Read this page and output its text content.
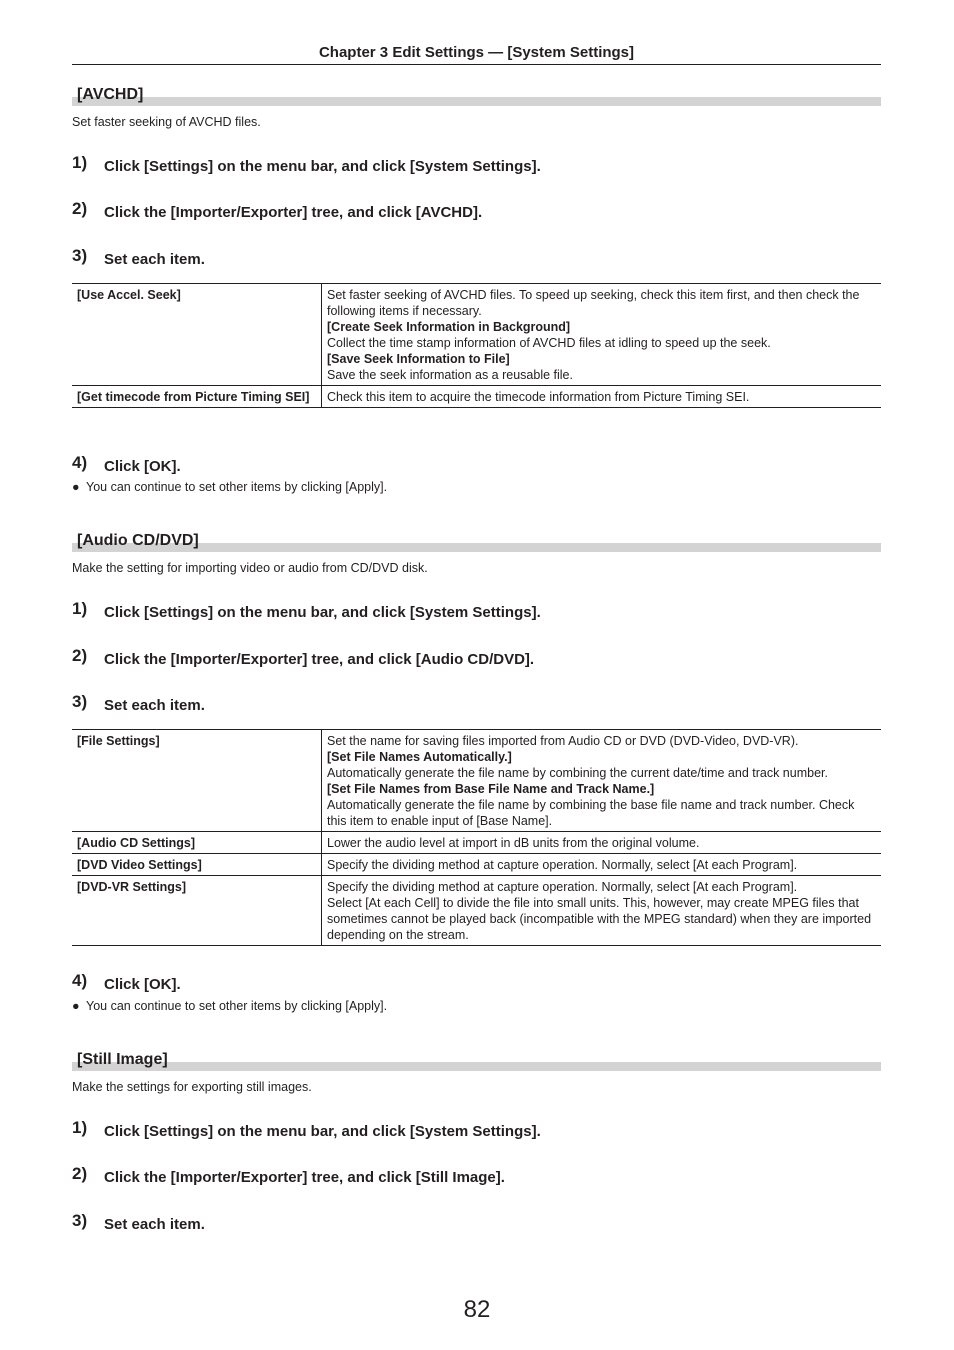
Chapter 3 Edit Settings — [System Settings]
[AVCHD]
Set faster seeking of AVCHD files.
1) Click [Settings] on the menu bar, and click [System Settings].
2) Click the [Importer/Exporter] tree, and click [AVCHD].
3) Set each item.
[Use Accel. Seek]	Set faster seeking of AVCHD files. To speed up seeking, check this item first, and then check the following items if necessary.
[Create Seek Information in Background]
Collect the time stamp information of AVCHD files at idling to speed up the seek.
[Save Seek Information to File]
Save the seek information as a reusable file.

[Get timecode from Picture Timing SEI]	Check this item to acquire the timecode information from Picture Timing SEI.
4) Click [OK].
● You can continue to set other items by clicking [Apply].
[Audio CD/DVD]
Make the setting for importing video or audio from CD/DVD disk.
1) Click [Settings] on the menu bar, and click [System Settings].
2) Click the [Importer/Exporter] tree, and click [Audio CD/DVD].
3) Set each item.
[File Settings]	Set the name for saving files imported from Audio CD or DVD (DVD-Video, DVD-VR).
[Set File Names Automatically.]
Automatically generate the file name by combining the current date/time and track number.
[Set File Names from Base File Name and Track Name.]
Automatically generate the file name by combining the base file name and track number. Check this item to enable input of [Base Name].

[Audio CD Settings]	Lower the audio level at import in dB units from the original volume.

[DVD Video Settings]	Specify the dividing method at capture operation. Normally, select [At each Program].

[DVD-VR Settings]	Specify the dividing method at capture operation. Normally, select [At each Program].
Select [At each Cell] to divide the file into small units. This, however, may create MPEG files that sometimes cannot be played back (incompatible with the MPEG standard) when they are imported depending on the stream.
4) Click [OK].
● You can continue to set other items by clicking [Apply].
[Still Image]
Make the settings for exporting still images.
1) Click [Settings] on the menu bar, and click [System Settings].
2) Click the [Importer/Exporter] tree, and click [Still Image].
3) Set each item.
82
